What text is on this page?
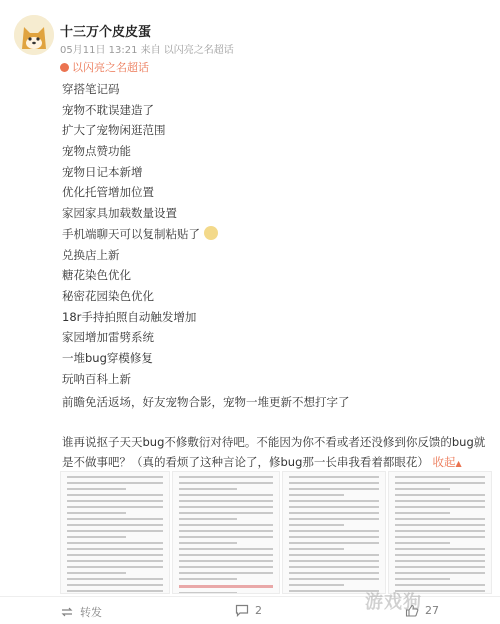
十三万个皮皮蛋
05月11日 13:21 来自 以闪亮之名超话
以闪亮之名超话
穿搭笔记码
宠物不耽误建造了
扩大了宠物闲逛范围
宠物点赞功能
宠物日记本新增
优化托管增加位置
家园家具加载数量设置
手机端聊天可以复制粘贴了
兑换店上新
糖花染色优化
秘密花园染色优化
18r手持拍照自动触发增加
家园增加雷劈系统
一堆bug穿模修复
玩呐百科上新
前瞻免活返场，好友宠物合影，宠物一堆更新不想打字了
谁再说抠子天天bug不修敷衍对待吧。不能因为你不看或者还没修到你反馈的bug就是不做事吧？（真的看烦了这种言论了，修bug那一长串我看着都眼花） 收起▲
转发	2	27
游戏狗
